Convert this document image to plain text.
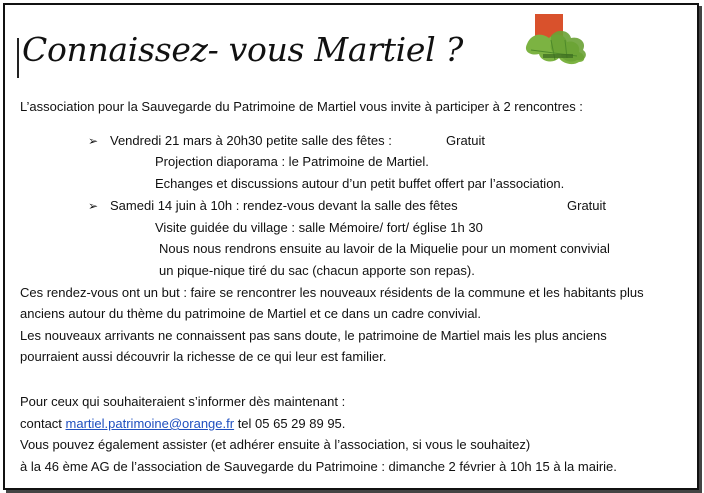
Connaissez- vous Martiel ?

L’association pour la Sauvegarde du Patrimoine de Martiel vous invite à participer à 2 rencontres :

➢ Vendredi 21 mars à 20h30 petite salle des fêtes :	Gratuit

Projection diaporama : le Patrimoine de Martiel.

Echanges et discussions autour d’un petit buffet offert par l’association.

➢ Samedi 14 juin à 10h : rendez-vous devant la salle des fêtes	Gratuit

Visite guidée du village : salle Mémoire/ fort/ église 1h 30

Nous nous rendrons ensuite au lavoir de la Miquelie pour un moment convivial

un pique-nique tiré du sac (chacun apporte son repas).

Ces rendez-vous ont un but : faire se rencontrer les nouveaux résidents de la commune et les habitants plus

anciens autour du thème du patrimoine de Martiel et ce dans un cadre convivial.

Les nouveaux arrivants ne connaissent pas sans doute, le patrimoine de Martiel mais les plus anciens

pourraient aussi découvrir la richesse de ce qui leur est familier.

Pour ceux qui souhaiteraient s’informer dès maintenant :

contact martiel.patrimoine@orange.fr tel 05 65 29 89 95.

Vous pouvez également assister (et adhérer ensuite à l’association, si vous le souhaitez)

à la 46 ème AG de l’association de Sauvegarde du Patrimoine : dimanche 2 février à 10h 15 à la mairie.
